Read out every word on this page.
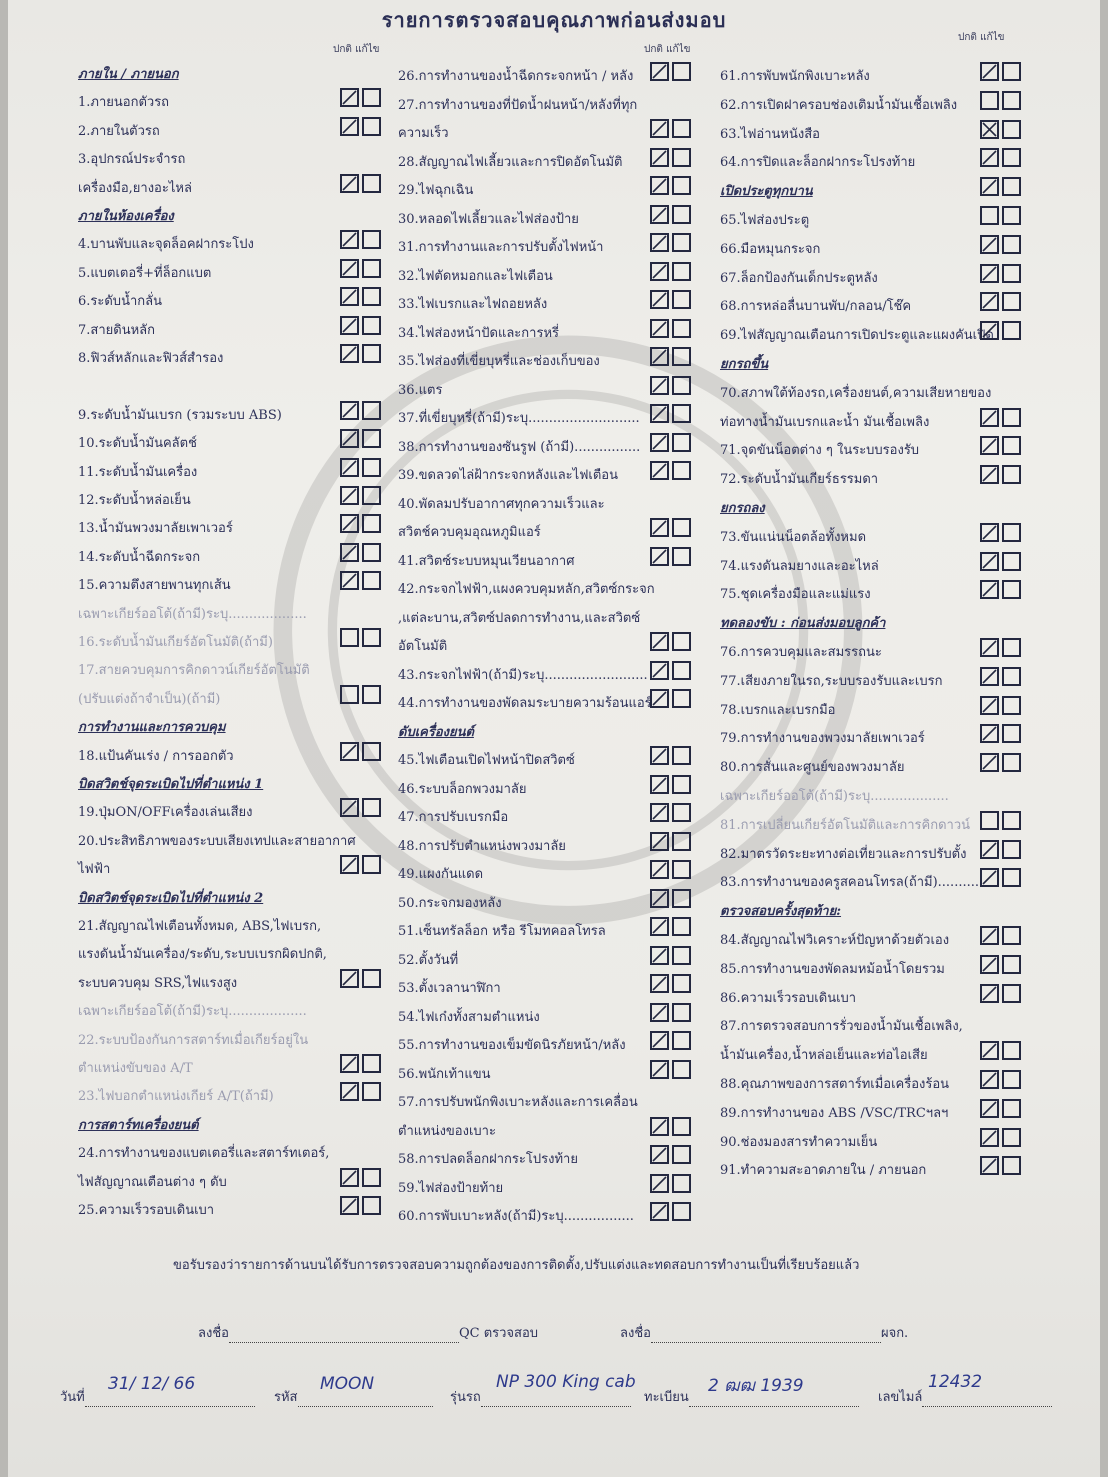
รายการตรวจสอบคุณภาพก่อนส่งมอบ
ปกติ แก้ไข	ปกติ แก้ไข
ปกติ แก้ไข
ภายใน / ภายนอก
1.ภายนอกตัวรถ
2.ภายในตัวรถ
3.อุปกรณ์ประจำรถ
เครื่องมือ,ยางอะไหล่
ภายในห้องเครื่อง
4.บานพับและจุดล็อคฝากระโปง
5.แบตเตอรี่+ที่ล็อกแบต
6.ระดับน้ำกลั่น
7.สายดินหลัก
8.ฟิวส์หลักและฟิวส์สำรอง
9.ระดับน้ำมันเบรก (รวมระบบ ABS)
10.ระดับน้ำมันคลัตช์
11.ระดับน้ำมันเครื่อง
12.ระดับน้ำหล่อเย็น
13.น้ำมันพวงมาลัยเพาเวอร์
14.ระดับน้ำฉีดกระจก
15.ความตึงสายพานทุกเส้น
เฉพาะเกียร์ออโต้(ถ้ามี)ระบุ...................
16.ระดับน้ำมันเกียร์อัตโนมัติ(ถ้ามี)
17.สายควบคุมการคิกดาวน์เกียร์อัตโนมัติ
(ปรับแต่งถ้าจำเป็น)(ถ้ามี)
การทำงานและการควบคุม
18.แป้นคันเร่ง / การออกตัว
บิดสวิตช์จุดระเบิดไปที่ตำแหน่ง 1
19.ปุ่มON/OFFเครื่องเล่นเสียง
20.ประสิทธิภาพของระบบเสียงเทปและสายอากาศ
ไฟฟ้า
บิดสวิตช์จุดระเบิดไปที่ตำแหน่ง 2
21.สัญญาณไฟเตือนทั้งหมด, ABS,ไฟเบรก,
แรงดันน้ำมันเครื่อง/ระดับ,ระบบเบรกผิดปกติ,
ระบบควบคุม SRS,ไฟแรงสูง
เฉพาะเกียร์ออโต้(ถ้ามี)ระบุ...................
22.ระบบป้องกันการสตาร์ทเมื่อเกียร์อยู่ใน
ตำแหน่งขับของ A/T
23.ไฟบอกตำแหน่งเกียร์ A/T(ถ้ามี)
การสตาร์ทเครื่องยนต์
24.การทำงานของแบตเตอรี่และสตาร์ทเตอร์,
ไฟสัญญาณเตือนต่าง ๆ ดับ
25.ความเร็วรอบเดินเบา
26.การทำงานของน้ำฉีดกระจกหน้า / หลัง
27.การทำงานของที่ปัดน้ำฝนหน้า/หลังที่ทุก
ความเร็ว
28.สัญญาณไฟเลี้ยวและการปิดอัตโนมัติ
29.ไฟฉุกเฉิน
30.หลอดไฟเลี้ยวและไฟส่องป้าย
31.การทำงานและการปรับตั้งไฟหน้า
32.ไฟตัดหมอกและไฟเตือน
33.ไฟเบรกและไฟถอยหลัง
34.ไฟส่องหน้าปัดและการหรี่
35.ไฟส่องที่เขี่ยบุหรี่และช่องเก็บของ
36.แตร
37.ที่เขี่ยบุหรี่(ถ้ามี)ระบุ...........................
38.การทำงานของซันรูฟ (ถ้ามี)................
39.ขดลวดไล่ฝ้ากระจกหลังและไฟเตือน
40.พัดลมปรับอากาศทุกความเร็วและ
สวิตช์ควบคุมอุณหภูมิแอร์
41.สวิตซ์ระบบหมุนเวียนอากาศ
42.กระจกไฟฟ้า,แผงควบคุมหลัก,สวิตซ์กระจก
,แต่ละบาน,สวิตซ์ปลดการทำงาน,และสวิตซ์
อัตโนมัติ
43.กระจกไฟฟ้า(ถ้ามี)ระบุ.........................
44.การทำงานของพัดลมระบายความร้อนแอร์
ดับเครื่องยนต์
45.ไฟเตือนเปิดไฟหน้าปิดสวิตซ์
46.ระบบล็อกพวงมาลัย
47.การปรับเบรกมือ
48.การปรับตำแหน่งพวงมาลัย
49.แผงกันแดด
50.กระจกมองหลัง
51.เซ็นทรัลล็อก หรือ รีโมทคอลโทรล
52.ตั้งวันที่
53.ตั้งเวลานาฬิกา
54.ไฟเก๋งทั้งสามตำแหน่ง
55.การทำงานของเข็มขัดนิรภัยหน้า/หลัง
56.พนักเท้าแขน
57.การปรับพนักพิงเบาะหลังและการเคลื่อน
ตำแหน่งของเบาะ
58.การปลดล็อกฝากระโปรงท้าย
59.ไฟส่องป้ายท้าย
60.การพับเบาะหลัง(ถ้ามี)ระบุ.................
61.การพับพนักพิงเบาะหลัง
62.การเปิดฝาครอบช่องเติมน้ำมันเชื้อเพลิง
63.ไฟอ่านหนังสือ
64.การปิดและล็อกฝากระโปรงท้าย
เปิดประตูทุกบาน
65.ไฟส่องประตู
66.มือหมุนกระจก
67.ล็อกป้องกันเด็กประตูหลัง
68.การหล่อลื่นบานพับ/กลอน/โช๊ค
69.ไฟสัญญาณเตือนการเปิดประตูและแผงคันเปิด
ยกรถขึ้น
70.สภาพใต้ท้องรถ,เครื่องยนต์,ความเสียหายของ
ท่อทางน้ำมันเบรกและน้ำ มันเชื้อเพลิง
71.จุดขันน็อตต่าง ๆ ในระบบรองรับ
72.ระดับน้ำมันเกียร์ธรรมดา
ยกรถลง
73.ขันแน่นน็อตล้อทั้งหมด
74.แรงดันลมยางและอะไหล่
75.ชุดเครื่องมือและแม่แรง
ทดลองขับ : ก่อนส่งมอบลูกค้า
76.การควบคุมและสมรรถนะ
77.เสียงภายในรถ,ระบบรองรับและเบรก
78.เบรกและเบรกมือ
79.การทำงานของพวงมาลัยเพาเวอร์
80.การสั่นและศูนย์ของพวงมาลัย
เฉพาะเกียร์ออโต้(ถ้ามี)ระบุ...................
81.การเปลี่ยนเกียร์อัตโนมัติและการคิกดาวน์
82.มาตรวัดระยะทางต่อเที่ยวและการปรับตั้ง
83.การทำงานของครูสคอนโทรล(ถ้ามี)..........
ตรวจสอบครั้งสุดท้าย:
84.สัญญาณไฟวิเคราะห์ปัญหาด้วยตัวเอง
85.การทำงานของพัดลมหม้อน้ำโดยรวม
86.ความเร็วรอบเดินเบา
87.การตรวจสอบการรั่วของน้ำมันเชื้อเพลิง,
น้ำมันเครื่อง,น้ำหล่อเย็นและท่อไอเสีย
88.คุณภาพของการสตาร์ทเมื่อเครื่องร้อน
89.การทำงานของ ABS /VSC/TRCฯลฯ
90.ช่องมองสารทำความเย็น
91.ทำความสะอาดภายใน / ภายนอก
ขอรับรองว่ารายการด้านบนได้รับการตรวจสอบความถูกต้องของการติดตั้ง,ปรับแต่งและทดสอบการทำงานเป็นที่เรียบร้อยแล้ว
ลงชื่อ	QC ตรวจสอบ	ลงชื่อ	ผจก.
วันที่
31/ 12/ 66
รหัส
MOON
รุ่นรถ
NP 300 King cab
ทะเบียน
2 ฒฒ 1939
เลขไมล์
12432
